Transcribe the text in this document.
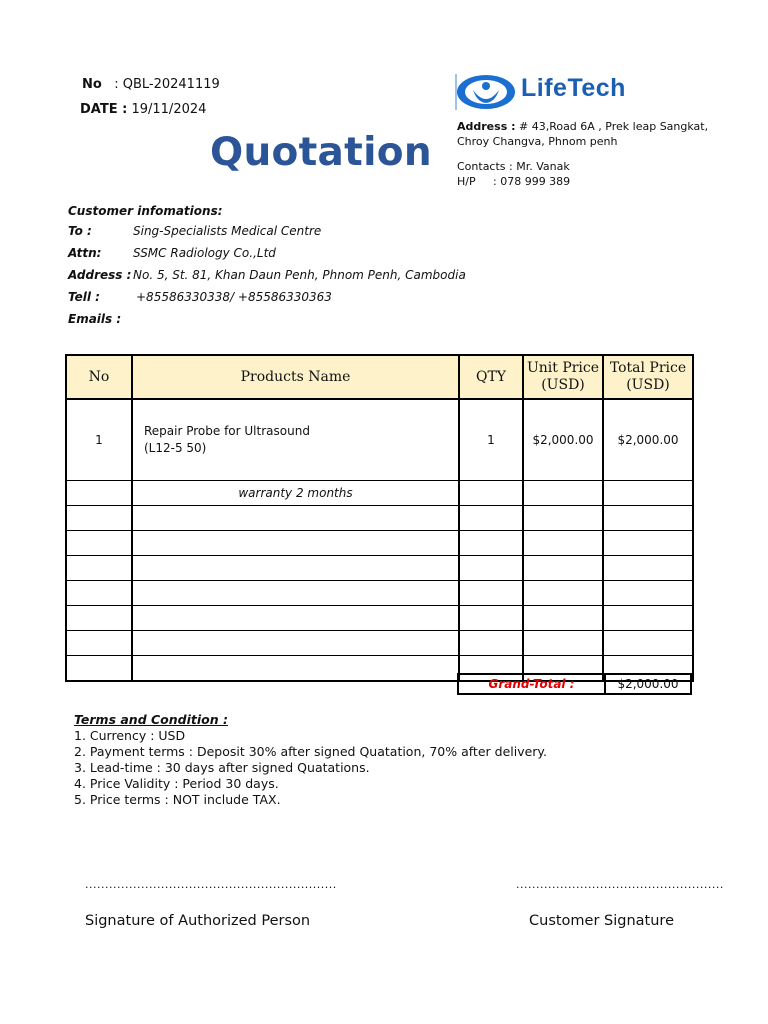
No : QBL-20241119
DATE : 19/11/2024
Quotation
LifeTech
Address : # 43,Road 6A , Prek leap Sangkat,
Chroy Changva, Phnom penh
Contacts : Mr. Vanak
H/P : 078 999 389
Customer infomations:
To :	Sing-Specialists Medical Centre
Attn:	SSMC Radiology Co.,Ltd
Address : No. 5, St. 81, Khan Daun Penh, Phnom Penh, Cambodia
Tell :	+85586330338/ +85586330363
Emails :
No	Products Name	QTY	Unit Price
(USD)	Total Price
(USD)
1	Repair Probe for Ultrasound
(L12-5 50)	1	$2,000.00	$2,000.00
	warranty 2 months			

Grand-Total :	$2,000.00
Terms and Condition :
1. Currency : USD
2. Payment terms : Deposit 30% after signed Quatation, 70% after delivery.
3. Lead-time : 30 days after signed Quatations.
4. Price Validity : Period 30 days.
5. Price terms : NOT include TAX.
...............................................................
Signature of Authorized Person
....................................................
Customer Signature
